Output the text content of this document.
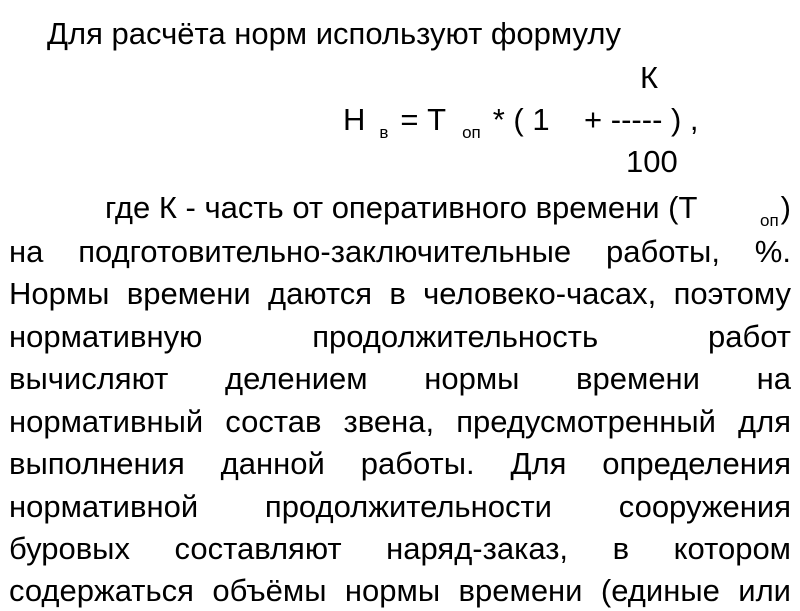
Для расчёта норм используют формулу
К
Н $_в$ = Т $_{оп}$ * ( 1    + ----- ) ,
100
где К - часть от оперативного времени (Т	оп )
на подготовительно-заключительные работы, %.
Нормы времени даются в человеко-часах, поэтому
нормативную продолжительность работ
вычисляют делением нормы времени на
нормативный состав звена, предусмотренный для
выполнения данной работы. Для определения
нормативной продолжительности сооружения
буровых составляют наряд-заказ, в котором
содержаться объёмы нормы времени (единые или
